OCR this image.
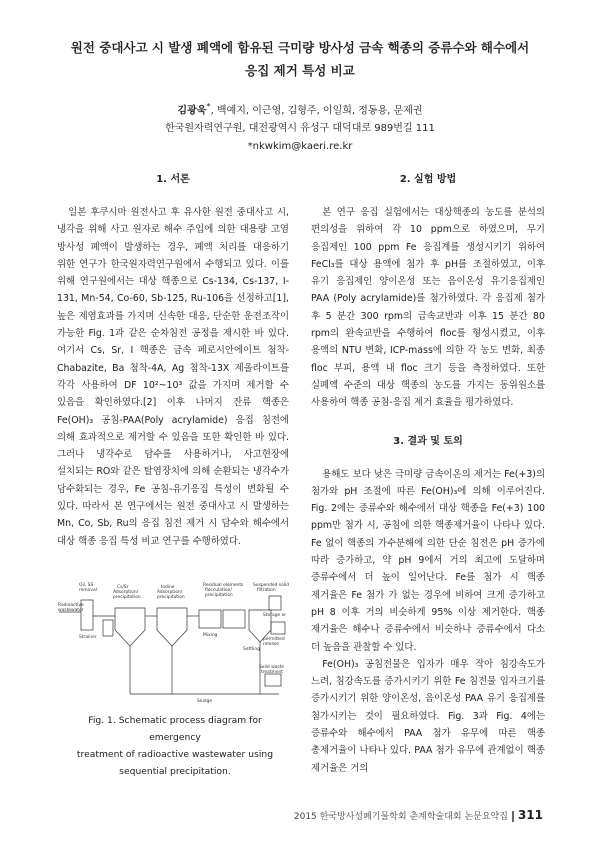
원전 중대사고 시 발생 폐액에 함유된 극미량 방사성 금속 핵종의 증류수와 해수에서
응집 제거 특성 비교
김광욱*, 백예지, 이근영, 김형주, 이일희, 정동용, 문제권
한국원자력연구원, 대전광역시 유성구 대덕대로 989번길 111
*nkwkim@kaeri.re.kr
1. 서론

일본 후쿠시마 원전사고 후 유사한 원전 중대사고 시, 냉각을 위해 사고 원자로 해수 주입에 의한 대용량 고염 방사성 폐액이 발생하는 경우, 폐액 처리를 대응하기 위한 연구가 한국원자력연구원에서 수행되고 있다. 이를 위해 연구원에서는 대상 핵종으로 Cs-134, Cs-137, I-131, Mn-54, Co-60, Sb-125, Ru-106을 선정하고[1], 높은 제염효과를 가지며 신속한 대응, 단순한 운전조작이 가능한 Fig. 1과 같은 순차침전 공정을 제시한 바 있다. 여기서 Cs, Sr, I 핵종은 금속 페로시안에이트 첨착-Chabazite, Ba 첨착-4A, Ag 첨착-13X 제올라이트를 각각 사용하여 DF 10²~10³ 값을 가지며 제거할 수 있음을 확인하였다.[2] 이후 나머지 잔류 핵종은 Fe(OH)₃ 공침-PAA(Poly acrylamide) 응집 침전에 의해 효과적으로 제거할 수 있음을 또한 확인한 바 있다. 그러나 냉각수로 담수를 사용하거나, 사고현장에 설치되는 RO와 같은 탈염장치에 의해 순환되는 냉각수가 담수화되는 경우, Fe 공침-유기응집 특성이 변화될 수 있다. 따라서 본 연구에서는 원전 중대사고 시 발생하는 Mn, Co, Sb, Ru의 응집 침전 제거 시 담수와 해수에서 대상 핵종 응집 특성 비교 연구를 수행하였다.

Oil, SS
removal
Radioactive
wastewater
Strainer
Cs/Sr
Adsorption/
precipitation
Iodine
Adsorption/
precipitation
Residual elements
flocculation/
precipitation
Suspended solid
filtration
Storage or
permitted
release
Mixing
Settling
Sludge
Solid waste
treatment
Fig. 1. Schematic process diagram for emergency
treatment of radioactive wastewater using
sequential precipitation.
2. 실험 방법

본 연구 응집 실험에서는 대상핵종의 농도를 분석의 편의성을 위하여 각 10 ppm으로 하였으며, 무기 응집제인 100 ppm Fe 응집계를 생성시키기 위하여 FeCl₃를 대상 용액에 첨가 후 pH를 조절하였고, 이후 유기 응집제인 양이온성 또는 음이온성 유기응집제인 PAA (Poly acrylamide)를 첨가하였다. 각 응집제 첨가 후 5 분간 300 rpm의 급속교반과 이후 15 분간 80 rpm의 완속교반을 수행하여 floc를 형성시켰고, 이후 용액의 NTU 변화, ICP-mass에 의한 각 농도 변화, 최종 floc 부피, 용액 내 floc 크기 등을 측정하였다. 또한 실폐액 수준의 대상 핵종의 농도를 가지는 동위원소를 사용하여 핵종 공침-응집 제거 효율을 평가하였다.

3. 결과 및 토의

용해도 보다 낮은 극미량 금속이온의 제거는 Fe(+3)의 첨가와 pH 조절에 따른 Fe(OH)₃에 의해 이루어진다. Fig. 2에는 증류수와 해수에서 대상 핵종을 Fe(+3) 100 ppm만 첨가 시, 공침에 의한 핵종제거율이 나타나 있다. Fe 없이 핵종의 가수분해에 의한 단순 침전은 pH 증가에 따라 증가하고, 약 pH 9에서 거의 최고에 도달하며 증류수에서 더 높이 일어난다. Fe를 첨가 시 핵종 제거율은 Fe 첨가 가 없는 경우에 비하여 크게 증가하고 pH 8 이후 거의 비슷하게 95% 이상 제거한다. 핵종 제거율은 해수나 증류수에서 비슷하나 증류수에서 다소 더 높음을 관찰할 수 있다.

Fe(OH)₃ 공침전물은 입자가 매우 작아 침강속도가 느려, 침강속도를 증가시키기 위한 Fe 침전물 입자크기를 증가시키기 위한 양이온성, 음이온성 PAA 유기 응집제를 첨가시키는 것이 필요하였다. Fig. 3과 Fig. 4에는 증류수와 해수에서 PAA 첨가 유무에 따른 핵종 총제거율이 나타나 있다. PAA 첨가 유무에 관계없이 핵종 제거율은 거의

2015 한국방사성폐기물학회 춘계학술대회 논문요약집 311
